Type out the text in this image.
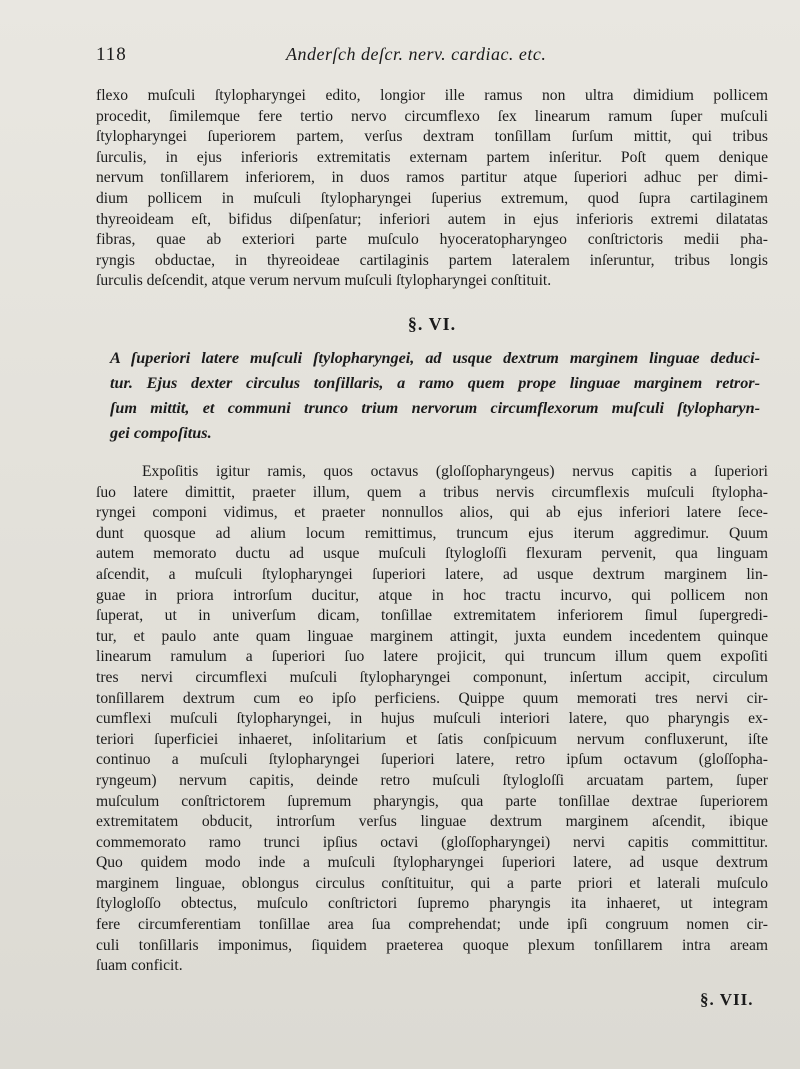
118	Anderſch deſcr. nerv. cardiac. etc.
flexo muſculi ſtylopharyngei edito, longior ille ramus non ultra dimidium pollicem
procedit, ſimilemque fere tertio nervo circumflexo ſex linearum ramum ſuper muſculi
ſtylopharyngei ſuperiorem partem, verſus dextram tonſillam ſurſum mittit, qui tribus
ſurculis, in ejus inferioris extremitatis externam partem inſeritur. Poſt quem denique
nervum tonſillarem inferiorem, in duos ramos partitur atque ſuperiori adhuc per dimi-
dium pollicem in muſculi ſtylopharyngei ſuperius extremum, quod ſupra cartilaginem
thyreoideam eſt, bifidus diſpenſatur; inferiori autem in ejus inferioris extremi dilatatas
fibras, quae ab exteriori parte muſculo hyoceratopharyngeo conſtrictoris medii pha-
ryngis obductae, in thyreoideae cartilaginis partem lateralem inſeruntur, tribus longis
ſurculis deſcendit, atque verum nervum muſculi ſtylopharyngei conſtituit.
§. VI.
A ſuperiori latere muſculi ſtylopharyngei, ad usque dextrum marginem linguae deduci-
tur. Ejus dexter circulus tonſillaris, a ramo quem prope linguae marginem retror-
ſum mittit, et communi trunco trium nervorum circumflexorum muſculi ſtylopharyn-
gei compoſitus.
Expoſitis igitur ramis, quos octavus (gloſſopharyngeus) nervus capitis a ſuperiori
ſuo latere dimittit, praeter illum, quem a tribus nervis circumflexis muſculi ſtylopha-
ryngei componi vidimus, et praeter nonnullos alios, qui ab ejus inferiori latere ſece-
dunt quosque ad alium locum remittimus, truncum ejus iterum aggredimur. Quum
autem memorato ductu ad usque muſculi ſtylogloſſi flexuram pervenit, qua linguam
aſcendit, a muſculi ſtylopharyngei ſuperiori latere, ad usque dextrum marginem lin-
guae in priora introrſum ducitur, atque in hoc tractu incurvo, qui pollicem non
ſuperat, ut in univerſum dicam, tonſillae extremitatem inferiorem ſimul ſupergredi-
tur, et paulo ante quam linguae marginem attingit, juxta eundem incedentem quinque
linearum ramulum a ſuperiori ſuo latere projicit, qui truncum illum quem expoſiti
tres nervi circumflexi muſculi ſtylopharyngei componunt, inſertum accipit, circulum
tonſillarem dextrum cum eo ipſo perficiens. Quippe quum memorati tres nervi cir-
cumflexi muſculi ſtylopharyngei, in hujus muſculi interiori latere, quo pharyngis ex-
teriori ſuperficiei inhaeret, inſolitarium et ſatis conſpicuum nervum confluxerunt, iſte
continuo a muſculi ſtylopharyngei ſuperiori latere, retro ipſum octavum (gloſſopha-
ryngeum) nervum capitis, deinde retro muſculi ſtylogloſſi arcuatam partem, ſuper
muſculum conſtrictorem ſupremum pharyngis, qua parte tonſillae dextrae ſuperiorem
extremitatem obducit, introrſum verſus linguae dextrum marginem aſcendit, ibique
commemorato ramo trunci ipſius octavi (gloſſopharyngei) nervi capitis committitur.
Quo quidem modo inde a muſculi ſtylopharyngei ſuperiori latere, ad usque dextrum
marginem linguae, oblongus circulus conſtituitur, qui a parte priori et laterali muſculo
ſtylogloſſo obtectus, muſculo conſtrictori ſupremo pharyngis ita inhaeret, ut integram
fere circumferentiam tonſillae area ſua comprehendat; unde ipſi congruum nomen cir-
culi tonſillaris imponimus, ſiquidem praeterea quoque plexum tonſillarem intra aream
ſuam conficit.
§. VII.
